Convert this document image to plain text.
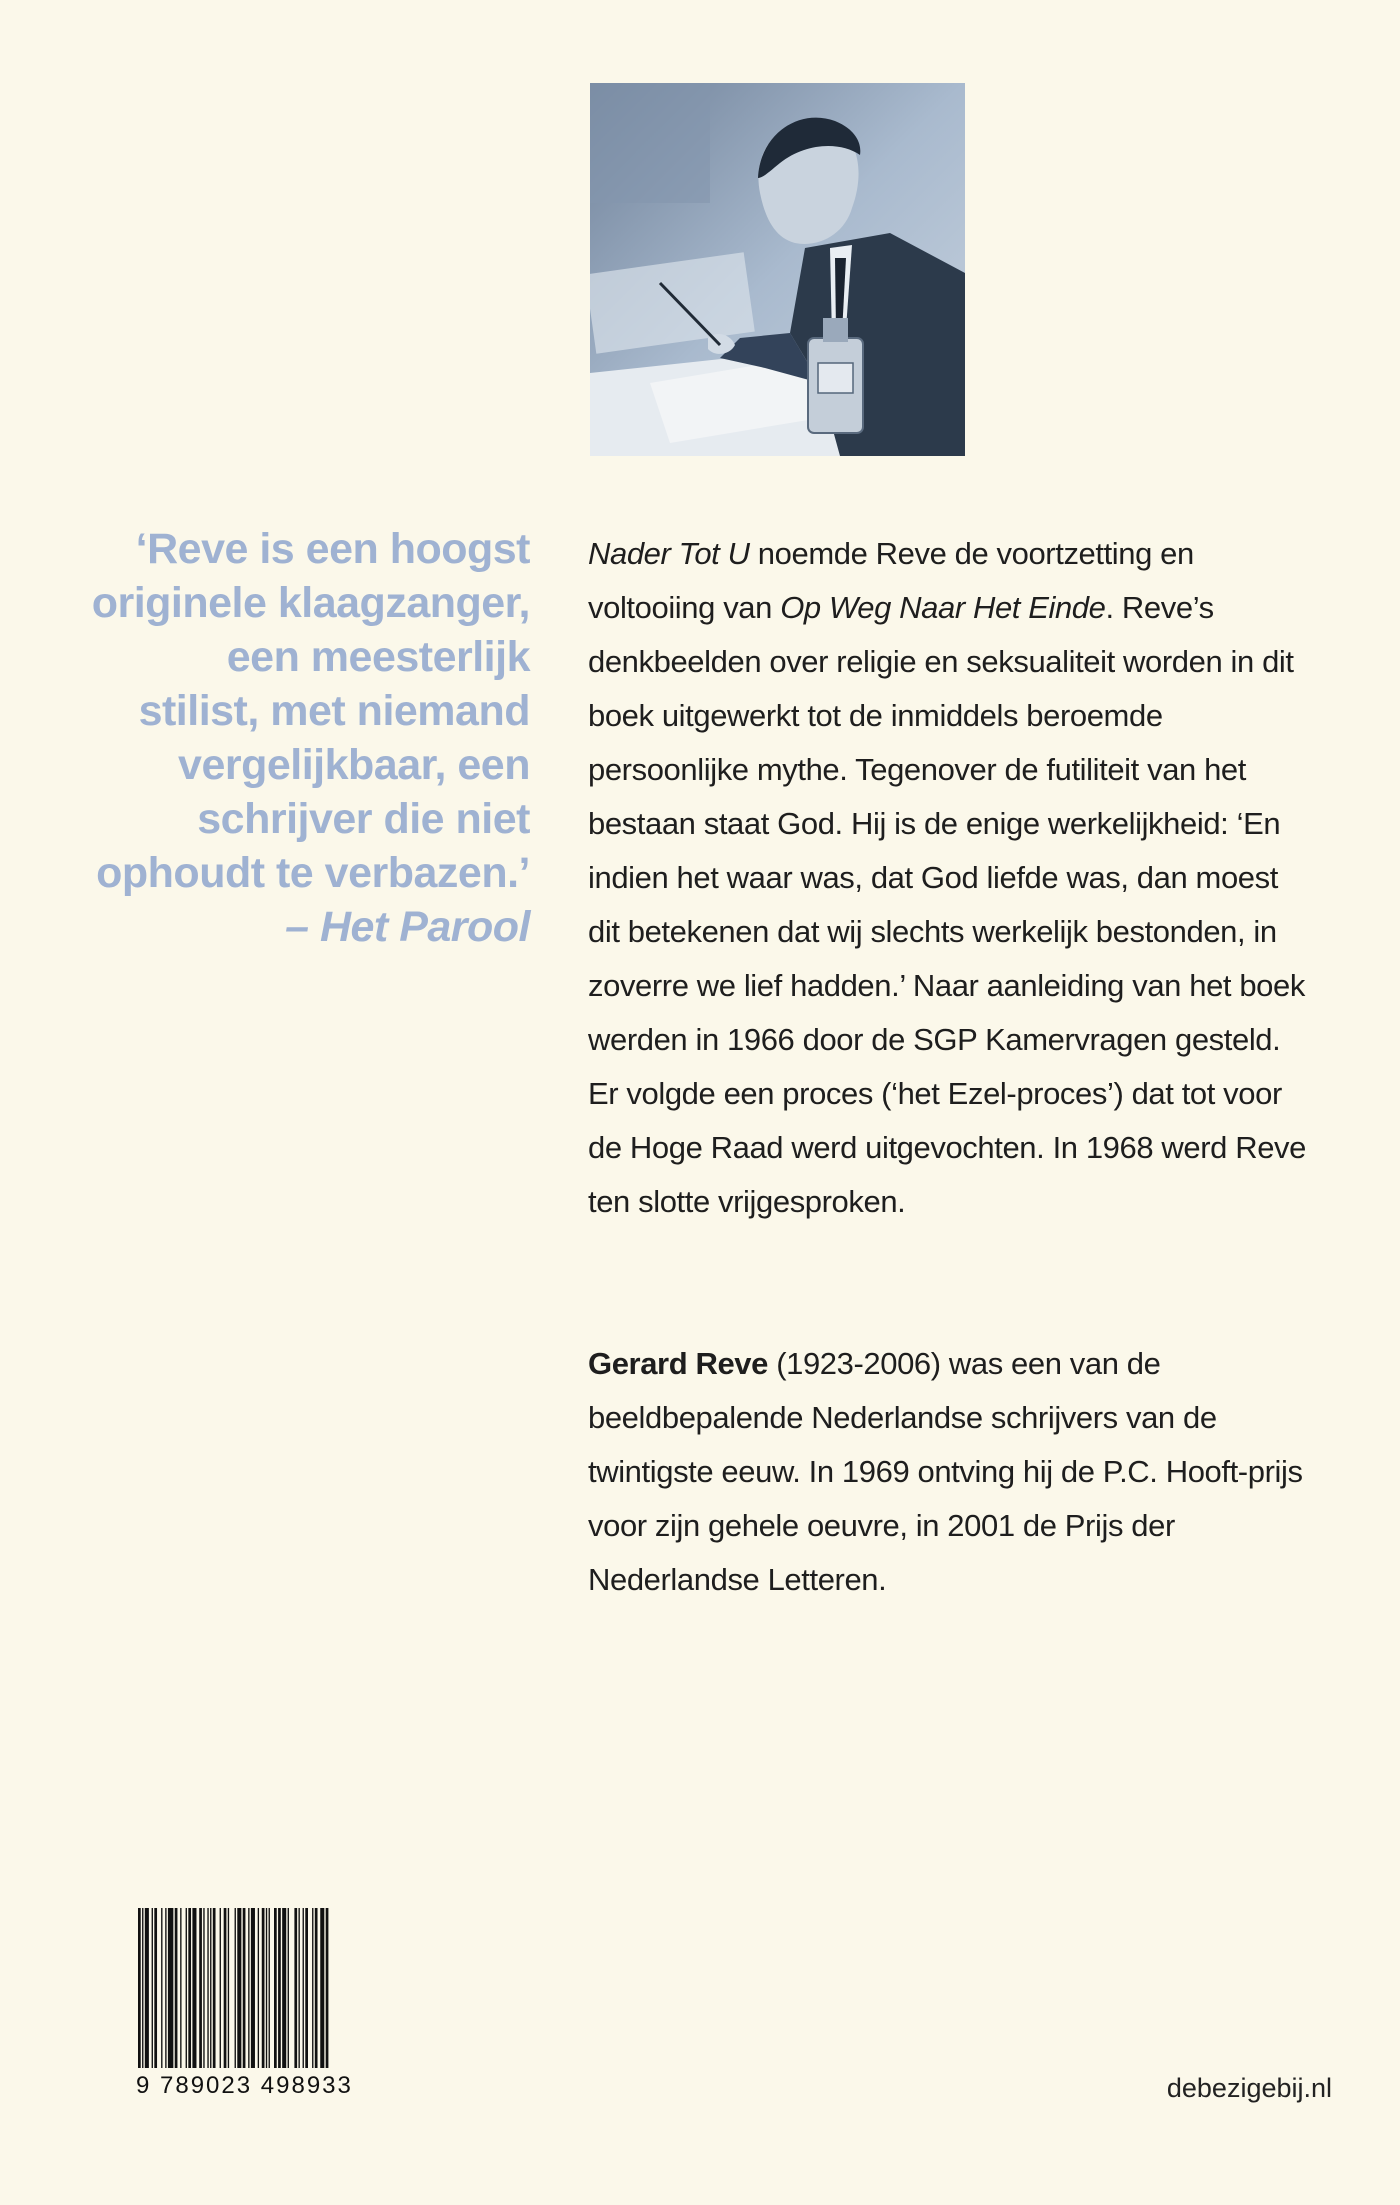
‘Reve is een hoogst
originele klaagzanger,
een meesterlijk
stilist, met niemand
vergelijkbaar, een
schrijver die niet
ophoudt te verbazen.’
– Het Parool

Nader Tot U noemde Reve de voortzetting en voltooiing van Op Weg Naar Het Einde. Reve’s denkbeelden over religie en seksualiteit worden in dit boek uitgewerkt tot de inmiddels beroemde persoonlijke mythe. Tegenover de futiliteit van het bestaan staat God. Hij is de enige werkelijkheid: ‘En indien het waar was, dat God liefde was, dan moest dit betekenen dat wij slechts werkelijk bestonden, in zoverre we lief hadden.’ Naar aanleiding van het boek werden in 1966 door de SGP Kamervragen gesteld. Er volgde een proces (‘het Ezel-proces’) dat tot voor de Hoge Raad werd uitgevochten. In 1968 werd Reve ten slotte vrijgesproken.

Gerard Reve (1923-2006) was een van de beeldbepalende Nederlandse schrijvers van de twintigste eeuw. In 1969 ontving hij de P.C. Hooft-prijs voor zijn gehele oeuvre, in 2001 de Prijs der Nederlandse Letteren.

9 789023 498933	debezigebij.nl
